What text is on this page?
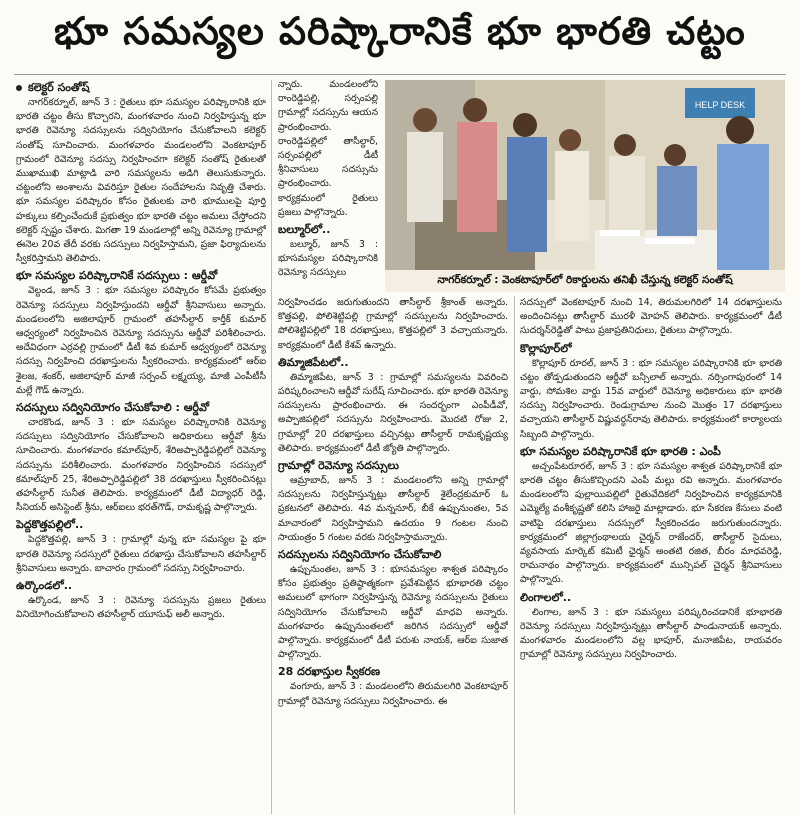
భూ సమస్యల పరిష్కారానికే భూ భారతి చట్టం
కలెక్టర్ సంతోష్

నాగర్‌కర్నూల్, జూన్ 3 : రైతులు భూ సమస్యల పరిష్కారానికి భూ భారతి చట్టం తీసు కొచ్చారని, మంగళవారం నుంచి నిర్వహిస్తున్న భూ భారతి రెవెన్యూ సదస్సులను సద్వినియోగం చేసుకోవాలని కలెక్టర్ సంతోష్ సూచించారు. మంగళవారం మండలంలోని వెంకటాపూర్ గ్రామంలో రెవెన్యూ సదస్సు నిర్వహించగా కలెక్టర్ సంతోష్ రైతులతో ముఖాముఖి మాట్లాడి వారి సమస్యలను అడిగి తెలుసుకున్నారు. చట్టంలోని అంశాలను వివరిస్తూ రైతుల సందేహాలను నివృత్తి చేశారు. భూ సమస్యల పరిష్కారం కోసం రైతులకు వారి భూములపై పూర్తి హక్కులు కల్పించేందుకే ప్రభుత్వం భూ భారతి చట్టం అమలు చేస్తోందని కలెక్టర్ స్పష్టం చేశారు. మిగతా 19 మండలాల్లో అన్ని రెవెన్యూ గ్రామాల్లో ఈనెల 20వ తేదీ వరకు సదస్సులు నిర్వహిస్తామని, ప్రజా ఫిర్యాదులను స్వీకరిస్తామని తెలిపారు.

భూ సమస్యల పరిష్కారానికే సదస్సులు : ఆర్డీవో

వెల్దండ, జూన్ 3 : భూ సమస్యల పరిష్కారం కోసమే ప్రభుత్వం రెవెన్యూ సదస్సులు నిర్వహిస్తుందని ఆర్డీవో శ్రీనివాసులు అన్నారు. మండలంలోని అజిలాపూర్ గ్రామంలో తహసీల్దార్ కార్తీక్ కుమార్ ఆధ్వర్యంలో నిర్వహించిన రెవెన్యూ సదస్సును ఆర్డీవో పరిశీలించారు. అదేవిధంగా ఎర్రవల్లి గ్రామంలో డీటీ శివ కుమార్ ఆధ్వర్యంలో రెవెన్యూ సదస్సు నిర్వహించి దరఖాస్తులను స్వీకరించారు. కార్యక్రమంలో ఆర్ఐ శైలజ, శంకర్, అజిలాపూర్ మాజీ సర్పంచ్ లక్ష్మయ్య, మాజీ ఎంపీటీసీ మల్లే గౌడ్ ఉన్నారు.

సదస్సులు సద్వినియోగం చేసుకోవాలి : ఆర్డీవో

చారకొండ, జూన్ 3 : భూ సమస్యల పరిష్కారానికి రెవెన్యూ సదస్సులు సద్వినియోగం చేసుకోవాలని అధికారులు ఆర్డీవో శ్రీను సూచించారు. మంగళవారం కమాల్‌పూర్, శేరిఅప్పారెడ్డిపల్లిలో రెవెన్యూ సదస్సును పరిశీలించారు. మంగళవారం నిర్వహించిన సదస్సులో కమాల్‌పూర్ 25, శేరిఅప్పారెడ్డిపల్లిలో 38 దరఖాస్తులు స్వీకరించినట్లు తహసీల్దార్ సునీత తెలిపారు. కార్యక్రమంలో డీటీ విద్యాధర్ రెడ్డి, సీనియర్ అసిస్టెంట్ శ్రీను, ఆర్ఐలు భరత్‌గౌడ్, రామకృష్ణ పాల్గొన్నారు.

పెద్దకొత్తపల్లిలో..

పెద్దకొత్తపల్లి, జూన్ 3 : గ్రామాల్లో వున్న భూ సమస్యల పై భూ భారతి రెవెన్యూ సదస్సులో రైతులు దరఖాస్తు చేసుకోవాలని తహసీల్దార్ శ్రీనివాసులు అన్నారు. బాచారం గ్రామంలో సదస్సు నిర్వహించారు.

ఉర్కొండలో..

ఉర్కొండ, జూన్ 3 : రెవెన్యూ సదస్సును ప్రజలు రైతులు వినియోగించుకోవాలని తహసీల్దార్ యూసుఫ్ అలీ అన్నారు.

న్నారు. మండలంలోని రాంరెడ్డిపల్లి, సర్సంపల్లి గ్రామాల్లో సదస్సును ఆయన ప్రారంభించారు. రాంరెడ్డిపల్లిలో తాసీల్దార్, సర్సంపల్లిలో డీటీ శ్రీనివాసులు సదస్సును ప్రారంభించారు. కార్యక్రమంలో రైతులు ప్రజలు పాల్గొన్నారు.

బల్మూర్‌లో..

బల్మూర్, జూన్ 3 : భూసమస్యల పరిష్కారానికి రెవెన్యూ సదస్సులు

HELP DESK
నాగర్‌కర్నూల్ : వెంకటాపూర్‌లో రికార్డులను తనిఖీ చేస్తున్న కలెక్టర్ సంతోష్

నిర్వహించడం జరుగుతుందని తాసీల్దార్ శ్రీకాంత్ అన్నారు. కొత్తపల్లి, పోలిశెట్టిపల్లి గ్రామాల్లో సదస్సులను నిర్వహించారు. పోలిశెట్టిపల్లిలో 18 దరఖాస్తులు, కొత్తపల్లిలో 3 వచ్చాయన్నారు. కార్యక్రమంలో డీటీ కేశవ్ ఉన్నారు.

తిమ్మాజిపేటలో..

తిమ్మాజిపేట, జూన్ 3 : గ్రామాల్లో సమస్యలను వివరించి పరిష్కరించాలని ఆర్డీవో సురేష్ సూచించారు. భూ భారతి రెవెన్యూ సదస్సులను ప్రారంభించారు. ఈ సందర్భంగా ఎంపీడీవో, అప్పాజిపల్లిలో సదస్సును నిర్వహించారు. మొదటి రోజు 2, గ్రామాల్లో 20 దరఖాస్తులు వచ్చినట్లు తాసీల్దార్ రామకృష్ణయ్య తెలిపారు. కార్యక్రమంలో డీటీ జ్యోతి పాల్గొన్నారు.

గ్రామాల్లో రెవెన్యూ సదస్సులు

ఆమ్రాబాద్, జూన్ 3 : మండలంలోని అన్ని గ్రామాల్లో సదస్సులను నిర్వహిస్తున్నట్లు తాసీల్దార్ శైలేంద్రకుమార్ ఓ ప్రకటనలో తెలిపారు. 4వ మన్ననూర్, బీకే ఉప్పునుంతల, 5వ మాచారంలో నిర్వహిస్తామని ఉదయం 9 గంటల నుంచి సాయంత్రం 5 గంటల వరకు నిర్వహిస్తామన్నారు.

సదస్సులను సద్వినియోగం చేసుకోవాలి

ఉప్పునుంతల, జూన్ 3 : భూసమస్యల శాశ్వత పరిష్కారం కోసం ప్రభుత్వం ప్రతిష్ఠాత్మకంగా ప్రవేశపెట్టిన భూభారతి చట్టం అమలులో భాగంగా నిర్వహిస్తున్న రెవెన్యూ సదస్సులను రైతులు సద్వినియోగం చేసుకోవాలని ఆర్డీవో మాధవి అన్నారు. మంగళవారం ఉప్పునుంతలలో జరిగిన సదస్సులో ఆర్డీవో పాల్గొన్నారు. కార్యక్రమంలో డీటీ పరుశు నాయక్, ఆర్ఐ సుజాత పాల్గొన్నారు.

28 దరఖాస్తుల స్వీకరణ

వంగూరు, జూన్ 3 : మండలంలోని తిరుమలగిరి వెంకటాపూర్ గ్రామాల్లో రెవెన్యూ సదస్సులు నిర్వహించారు. ఈ

సదస్సులో వెంకటాపూర్ నుంచి 14, తిరుమలగిరిలో 14 దరఖాస్తులను అందించినట్లు తాసీల్దార్ మురళీ మోహన్ తెలిపారు. కార్యక్రమంలో డీటీ సుదర్శన్‌రెడ్డితో పాటు ప్రజాప్రతినిధులు, రైతులు పాల్గొన్నారు.

కొల్లాపూర్‌లో

కొల్లాపూర్ రూరల్, జూన్ 3 : భూ సమస్యల పరిష్కారానికి భూ భారతి చట్టం తోడ్పడుతుందని ఆర్డీవో బన్సీలాల్ అన్నారు. నర్సింగాపురంలో 14 వార్డు, సోమశిల వార్డు 15వ వార్డులో రెవెన్యూ అధికారులు భూ భారతి సదస్సు నిర్వహించారు. రెండుగ్రామాల నుంచి మొత్తం 17 దరఖాస్తులు వచ్చాయని తాసీల్దార్ విష్ణువర్ధన్‌రావు తెలిపారు. కార్యక్రమంలో కార్యాలయ సిబ్బంది పాల్గొన్నారు.

భూ సమస్యల పరిష్కారానికే భూ భారతి : ఎంపీ

అచ్చంపేటరూరల్, జూన్ 3 : భూ సమస్యల శాశ్వత పరిష్కారానికే భూ భారతి చట్టం తీసుకొచ్చిందని ఎంపీ మల్లు రవి అన్నారు. మంగళవారం మండలంలోని పుల్లాయిపల్లిలో రైతువేదికలో నిర్వహించిన కార్యక్రమానికి ఎమ్మెల్యే వంశీకృష్ణతో కలిసి హాజరై మాట్లాడారు. భూ సేకరణ కేసులు వంటి వాటిపై దరఖాస్తులు సదస్సులో స్వీకరించడం జరుగుతుందన్నారు. కార్యక్రమంలో జిల్లాగ్రంథాలయ చైర్మన్ రాజేందర్, తాసీల్దార్ సైదులు, వ్యవసాయ మార్కెట్ కమిటీ ఛైర్మన్ అంతటి రజిత, బీరం మాధవరెడ్డి, రామనాథం పాల్గొన్నారు. కార్యక్రమంలో మున్సిపల్ చైర్మన్ శ్రీనివాసులు పాల్గొన్నారు.

లింగాలలో..

లింగాల, జూన్ 3 : భూ సమస్యలు పరిష్కరించడానికే భూభారతి రెవెన్యూ సదస్సులు నిర్వహిస్తున్నట్లు తాసీల్దార్ పాండునాయక్ అన్నారు. మంగళవారం మండలంలోని వల్ల భాపూర్, మనాజిపేట, రాయవరం గ్రామాల్లో రెవెన్యూ సదస్సులు నిర్వహించారు.
